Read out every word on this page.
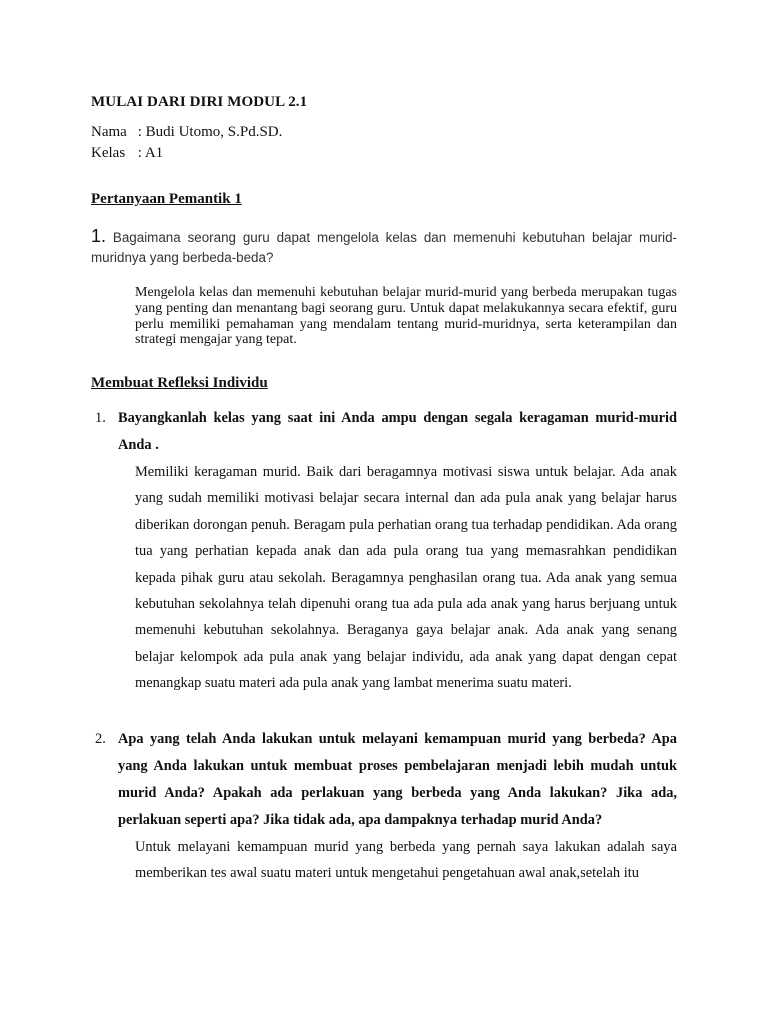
MULAI DARI DIRI MODUL 2.1
Nama : Budi Utomo, S.Pd.SD.
Kelas : A1
Pertanyaan Pemantik 1

1. Bagaimana seorang guru dapat mengelola kelas dan memenuhi kebutuhan belajar murid-muridnya yang berbeda-beda?

Mengelola kelas dan memenuhi kebutuhan belajar murid-murid yang berbeda merupakan tugas yang penting dan menantang bagi seorang guru. Untuk dapat melakukannya secara efektif, guru perlu memiliki pemahaman yang mendalam tentang murid-muridnya, serta keterampilan dan strategi mengajar yang tepat.

Membuat Refleksi Individu
1. Bayangkanlah kelas yang saat ini Anda ampu dengan segala keragaman murid-murid Anda .

Memiliki keragaman murid. Baik dari beragamnya motivasi siswa untuk belajar. Ada anak yang sudah memiliki motivasi belajar secara internal dan ada pula anak yang belajar harus diberikan dorongan penuh. Beragam pula perhatian orang tua terhadap pendidikan. Ada orang tua yang perhatian kepada anak dan ada pula orang tua yang memasrahkan pendidikan kepada pihak guru atau sekolah. Beragamnya penghasilan orang tua. Ada anak yang semua kebutuhan sekolahnya telah dipenuhi orang tua ada pula ada anak yang harus berjuang untuk memenuhi kebutuhan sekolahnya. Beraganya gaya belajar anak. Ada anak yang senang belajar kelompok ada pula anak yang belajar individu, ada anak yang dapat dengan cepat menangkap suatu materi ada pula anak yang lambat menerima suatu materi.

2. Apa yang telah Anda lakukan untuk melayani kemampuan murid yang berbeda? Apa yang Anda lakukan untuk membuat proses pembelajaran menjadi lebih mudah untuk murid Anda? Apakah ada perlakuan yang berbeda yang Anda lakukan? Jika ada, perlakuan seperti apa? Jika tidak ada, apa dampaknya terhadap murid Anda?

Untuk melayani kemampuan murid yang berbeda yang pernah saya lakukan adalah saya memberikan tes awal suatu materi untuk mengetahui pengetahuan awal anak,setelah itu
